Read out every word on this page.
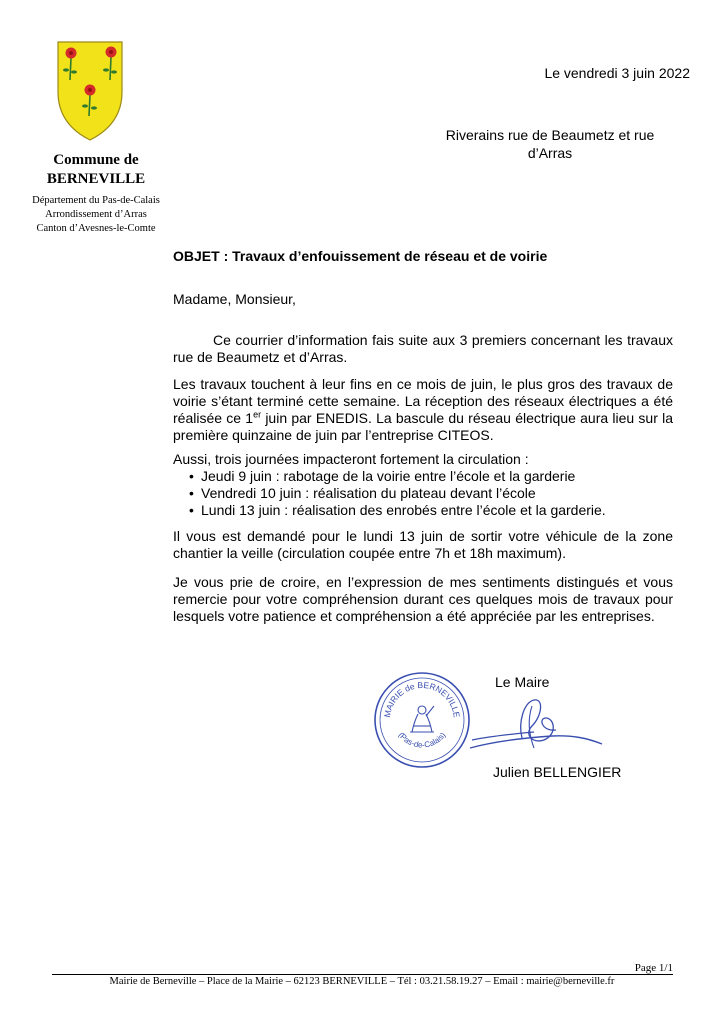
Commune de
BERNEVILLE
Département du Pas-de-Calais
Arrondissement d’Arras
Canton d’Avesnes-le-Comte
Le vendredi 3 juin 2022
Riverains rue de Beaumetz et rue
d’Arras
OBJET : Travaux d’enfouissement de réseau et de voirie
Madame, Monsieur,
Ce courrier d’information fais suite aux 3 premiers concernant les travaux rue de Beaumetz et d’Arras.
Les travaux touchent à leur fins en ce mois de juin, le plus gros des travaux de voirie s’étant terminé cette semaine. La réception des réseaux électriques a été réalisée ce 1er juin par ENEDIS. La bascule du réseau électrique aura lieu sur la première quinzaine de juin par l’entreprise CITEOS.
Aussi, trois journées impacteront fortement la circulation :
• Jeudi 9 juin : rabotage de la voirie entre l’école et la garderie
• Vendredi 10 juin : réalisation du plateau devant l’école
• Lundi 13 juin : réalisation des enrobés entre l’école et la garderie.
Il vous est demandé pour le lundi 13 juin de sortir votre véhicule de la zone chantier la veille (circulation coupée entre 7h et 18h maximum).
Je vous prie de croire, en l’expression de mes sentiments distingués et vous remercie pour votre compréhension durant ces quelques mois de travaux pour lesquels votre patience et compréhension a été appréciée par les entreprises.
Le Maire
MAIRIE de BERNEVILLE
(Pas-de-Calais)
Julien BELLENGIER
Page 1/1
Mairie de Berneville – Place de la Mairie – 62123 BERNEVILLE – Tél : 03.21.58.19.27 – Email : mairie@berneville.fr
